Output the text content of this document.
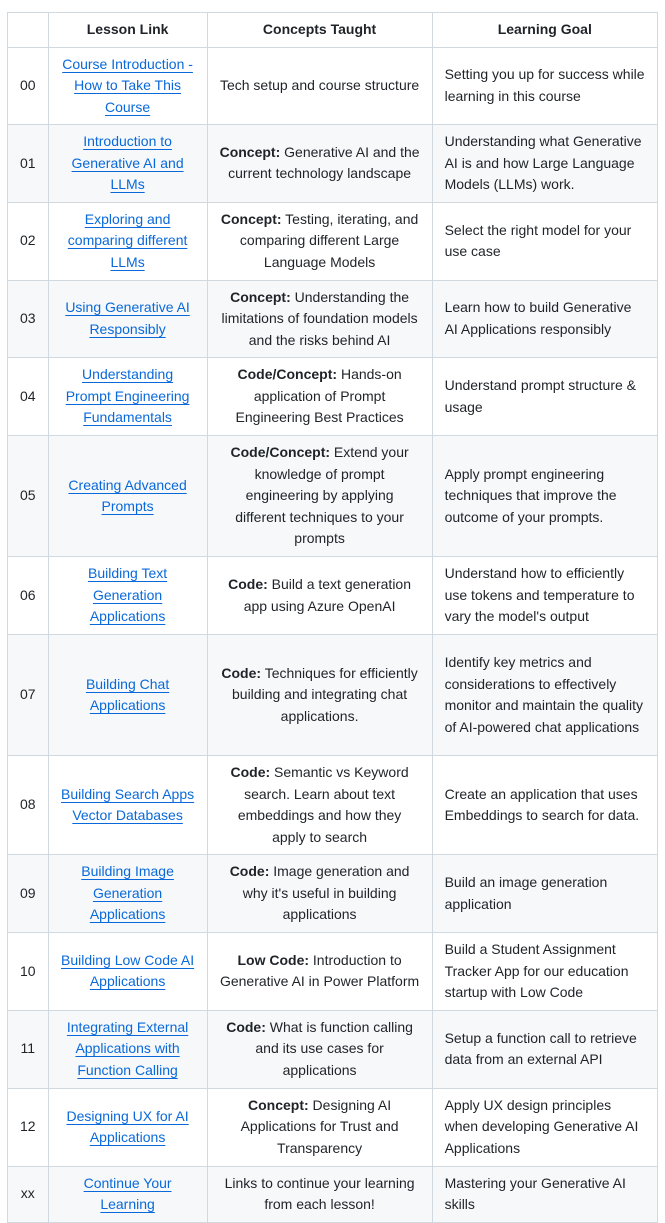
	Lesson Link	Concepts Taught	Learning Goal
00	Course Introduction - How to Take This Course	Tech setup and course structure	Setting you up for success while learning in this course
01	Introduction to Generative AI and LLMs	Concept: Generative AI and the current technology landscape	Understanding what Generative AI is and how Large Language Models (LLMs) work.
02	Exploring and comparing different LLMs	Concept: Testing, iterating, and comparing different Large Language Models	Select the right model for your use case
03	Using Generative AI Responsibly	Concept: Understanding the limitations of foundation models and the risks behind AI	Learn how to build Generative AI Applications responsibly
04	Understanding Prompt Engineering Fundamentals	Code/Concept: Hands-on application of Prompt Engineering Best Practices	Understand prompt structure & usage
05	Creating Advanced Prompts	Code/Concept: Extend your knowledge of prompt engineering by applying different techniques to your prompts	Apply prompt engineering techniques that improve the outcome of your prompts.
06	Building Text Generation Applications	Code: Build a text generation app using Azure OpenAI	Understand how to efficiently use tokens and temperature to vary the model's output
07	Building Chat Applications	Code: Techniques for efficiently building and integrating chat applications.	Identify key metrics and considerations to effectively monitor and maintain the quality of AI-powered chat applications
08	Building Search Apps Vector Databases	Code: Semantic vs Keyword search. Learn about text embeddings and how they apply to search	Create an application that uses Embeddings to search for data.
09	Building Image Generation Applications	Code: Image generation and why it's useful in building applications	Build an image generation application
10	Building Low Code AI Applications	Low Code: Introduction to Generative AI in Power Platform	Build a Student Assignment Tracker App for our education startup with Low Code
11	Integrating External Applications with Function Calling	Code: What is function calling and its use cases for applications	Setup a function call to retrieve data from an external API
12	Designing UX for AI Applications	Concept: Designing AI Applications for Trust and Transparency	Apply UX design principles when developing Generative AI Applications
xx	Continue Your Learning	Links to continue your learning from each lesson!	Mastering your Generative AI skills
